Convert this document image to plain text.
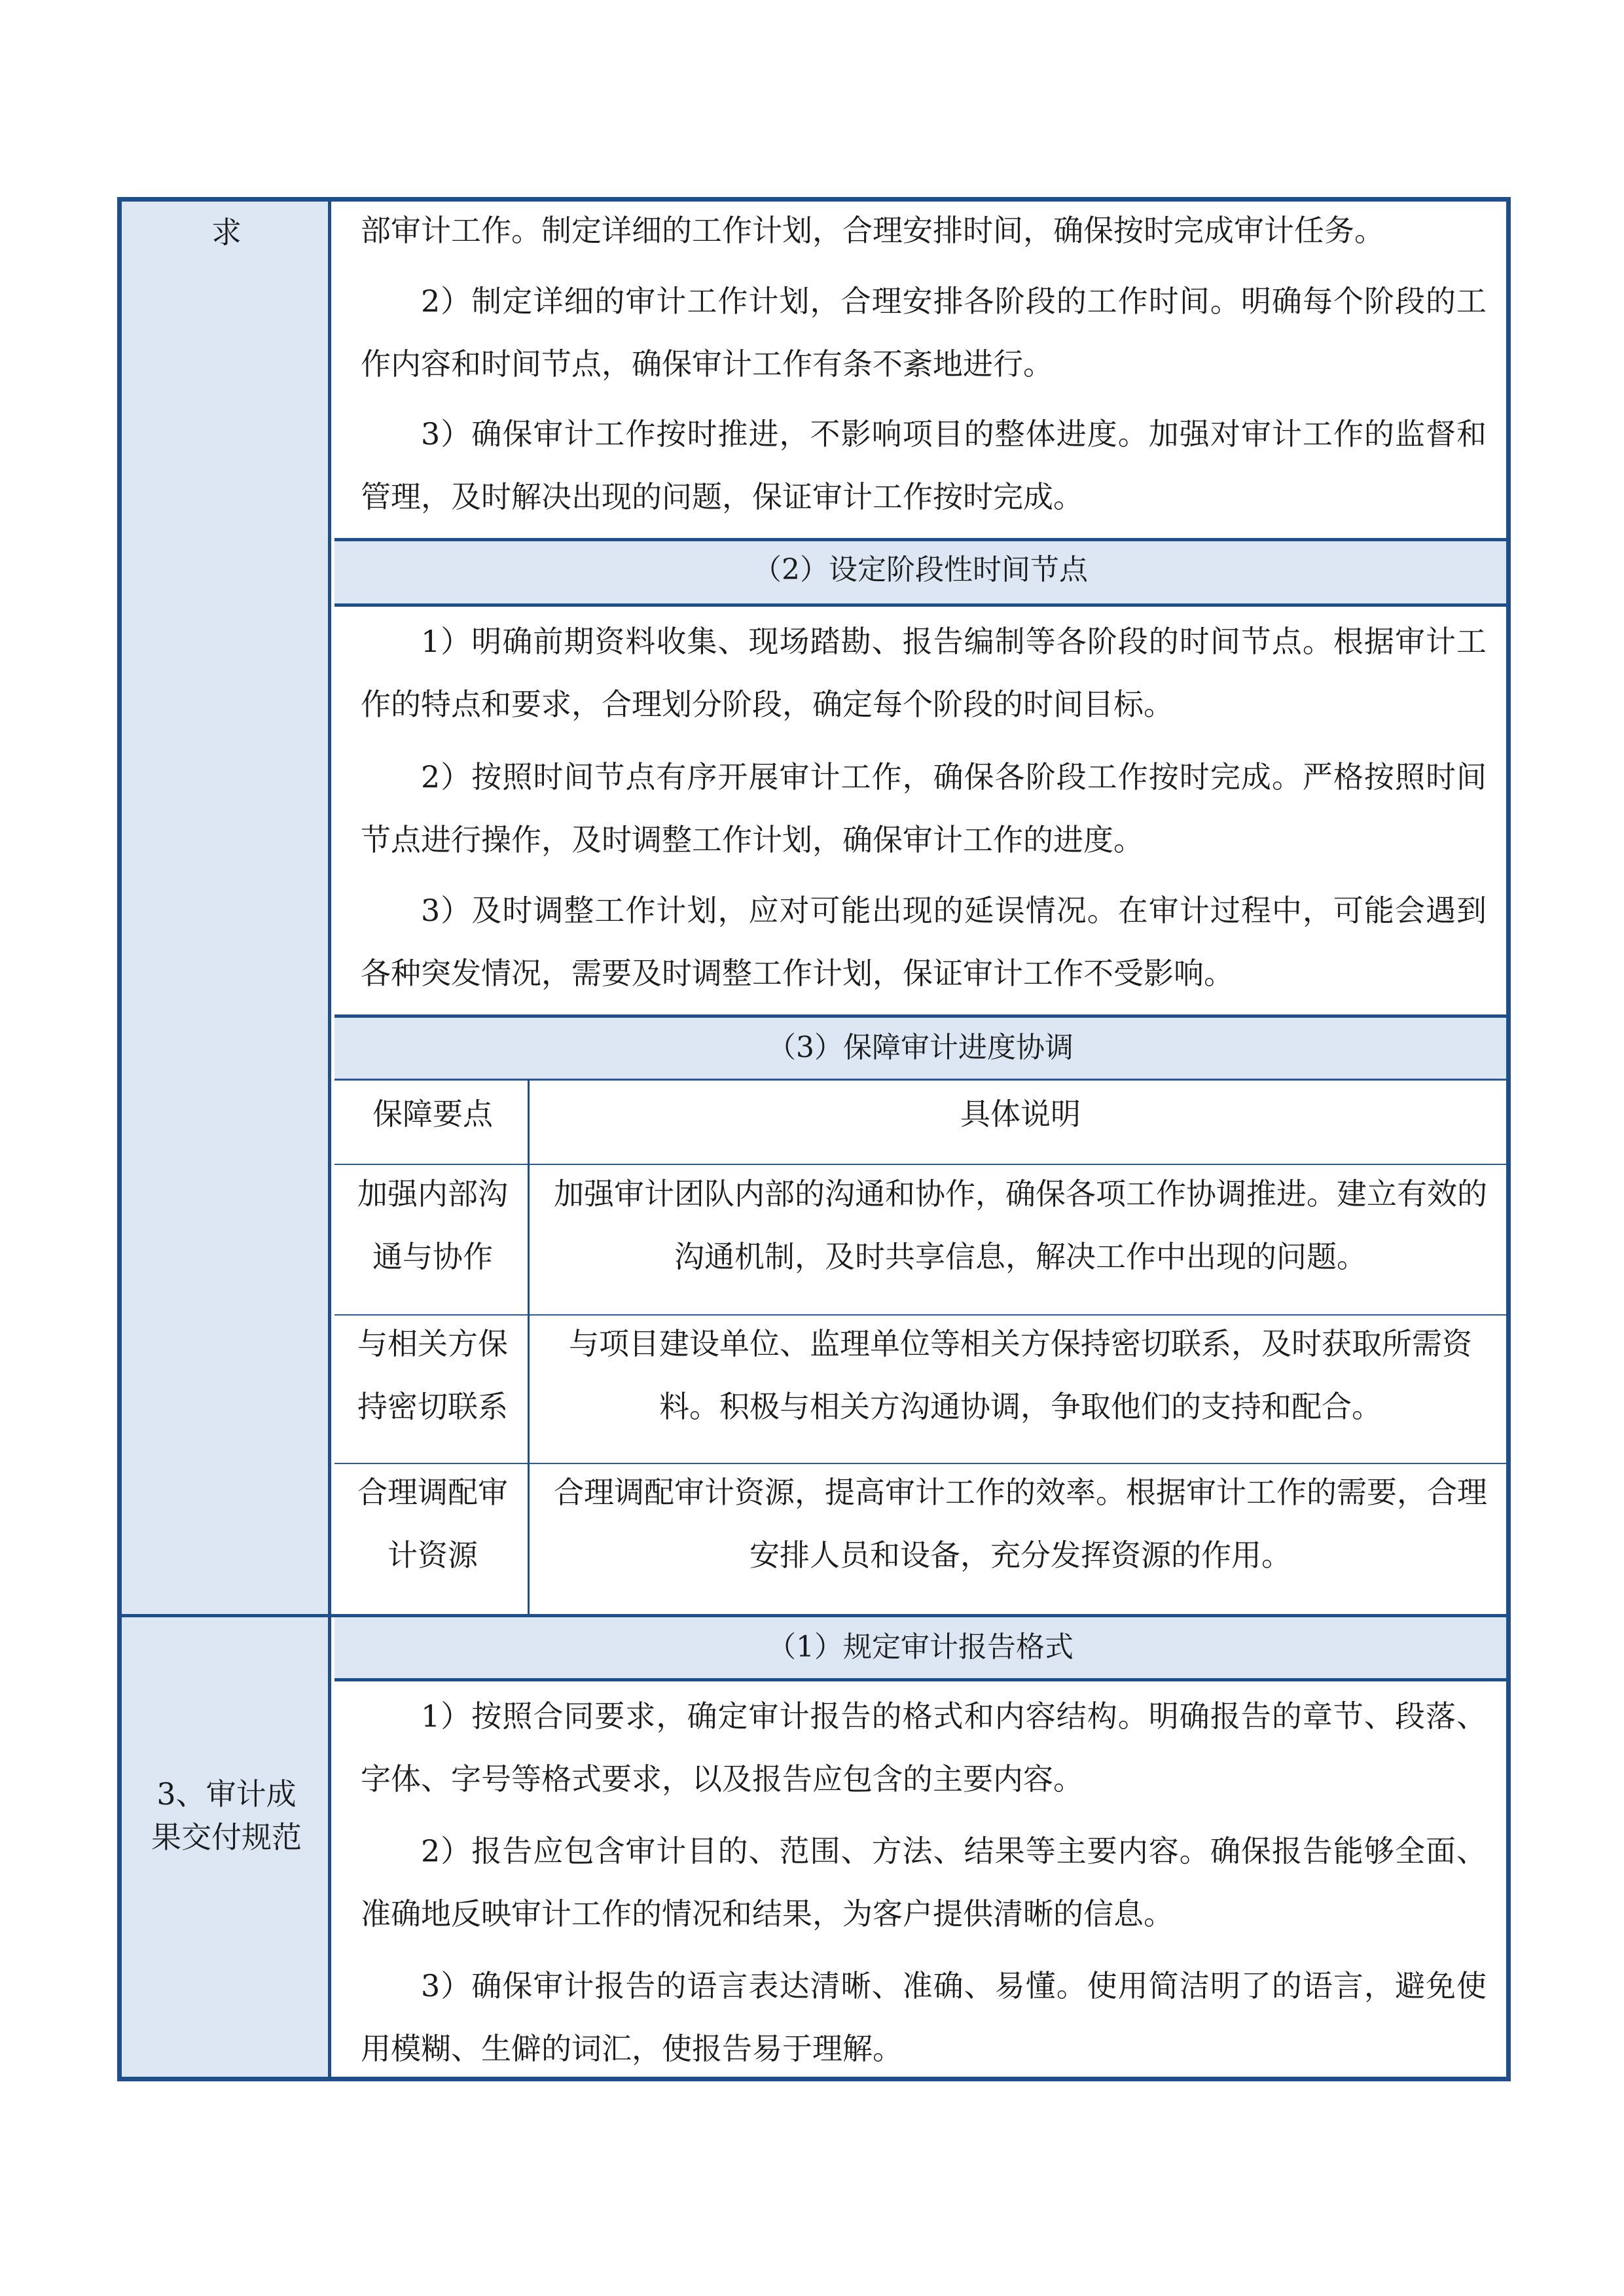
求	部审计工作。制定详细的工作计划，合理安排时间，确保按时完成审计任务。
2）制定详细的审计工作计划，合理安排各阶段的工作时间。明确每个阶段的工作内容和时间节点，确保审计工作有条不紊地进行。
3）确保审计工作按时推进，不影响项目的整体进度。加强对审计工作的监督和管理，及时解决出现的问题，保证审计工作按时完成。
（2）设定阶段性时间节点
1）明确前期资料收集、现场踏勘、报告编制等各阶段的时间节点。根据审计工作的特点和要求，合理划分阶段，确定每个阶段的时间目标。
2）按照时间节点有序开展审计工作，确保各阶段工作按时完成。严格按照时间节点进行操作，及时调整工作计划，确保审计工作的进度。
3）及时调整工作计划，应对可能出现的延误情况。在审计过程中，可能会遇到各种突发情况，需要及时调整工作计划，保证审计工作不受影响。
（3）保障审计进度协调
保障要点	具体说明
加强内部沟通与协作
加强审计团队内部的沟通和协作，确保各项工作协调推进。建立有效的沟通机制，及时共享信息，解决工作中出现的问题。
与相关方保持密切联系
与项目建设单位、监理单位等相关方保持密切联系，及时获取所需资料。积极与相关方沟通协调，争取他们的支持和配合。
合理调配审计资源
合理调配审计资源，提高审计工作的效率。根据审计工作的需要，合理安排人员和设备，充分发挥资源的作用。
3、审计成果交付规范
（1）规定审计报告格式
1）按照合同要求，确定审计报告的格式和内容结构。明确报告的章节、段落、字体、字号等格式要求，以及报告应包含的主要内容。
2）报告应包含审计目的、范围、方法、结果等主要内容。确保报告能够全面、准确地反映审计工作的情况和结果，为客户提供清晰的信息。
3）确保审计报告的语言表达清晰、准确、易懂。使用简洁明了的语言，避免使用模糊、生僻的词汇，使报告易于理解。
